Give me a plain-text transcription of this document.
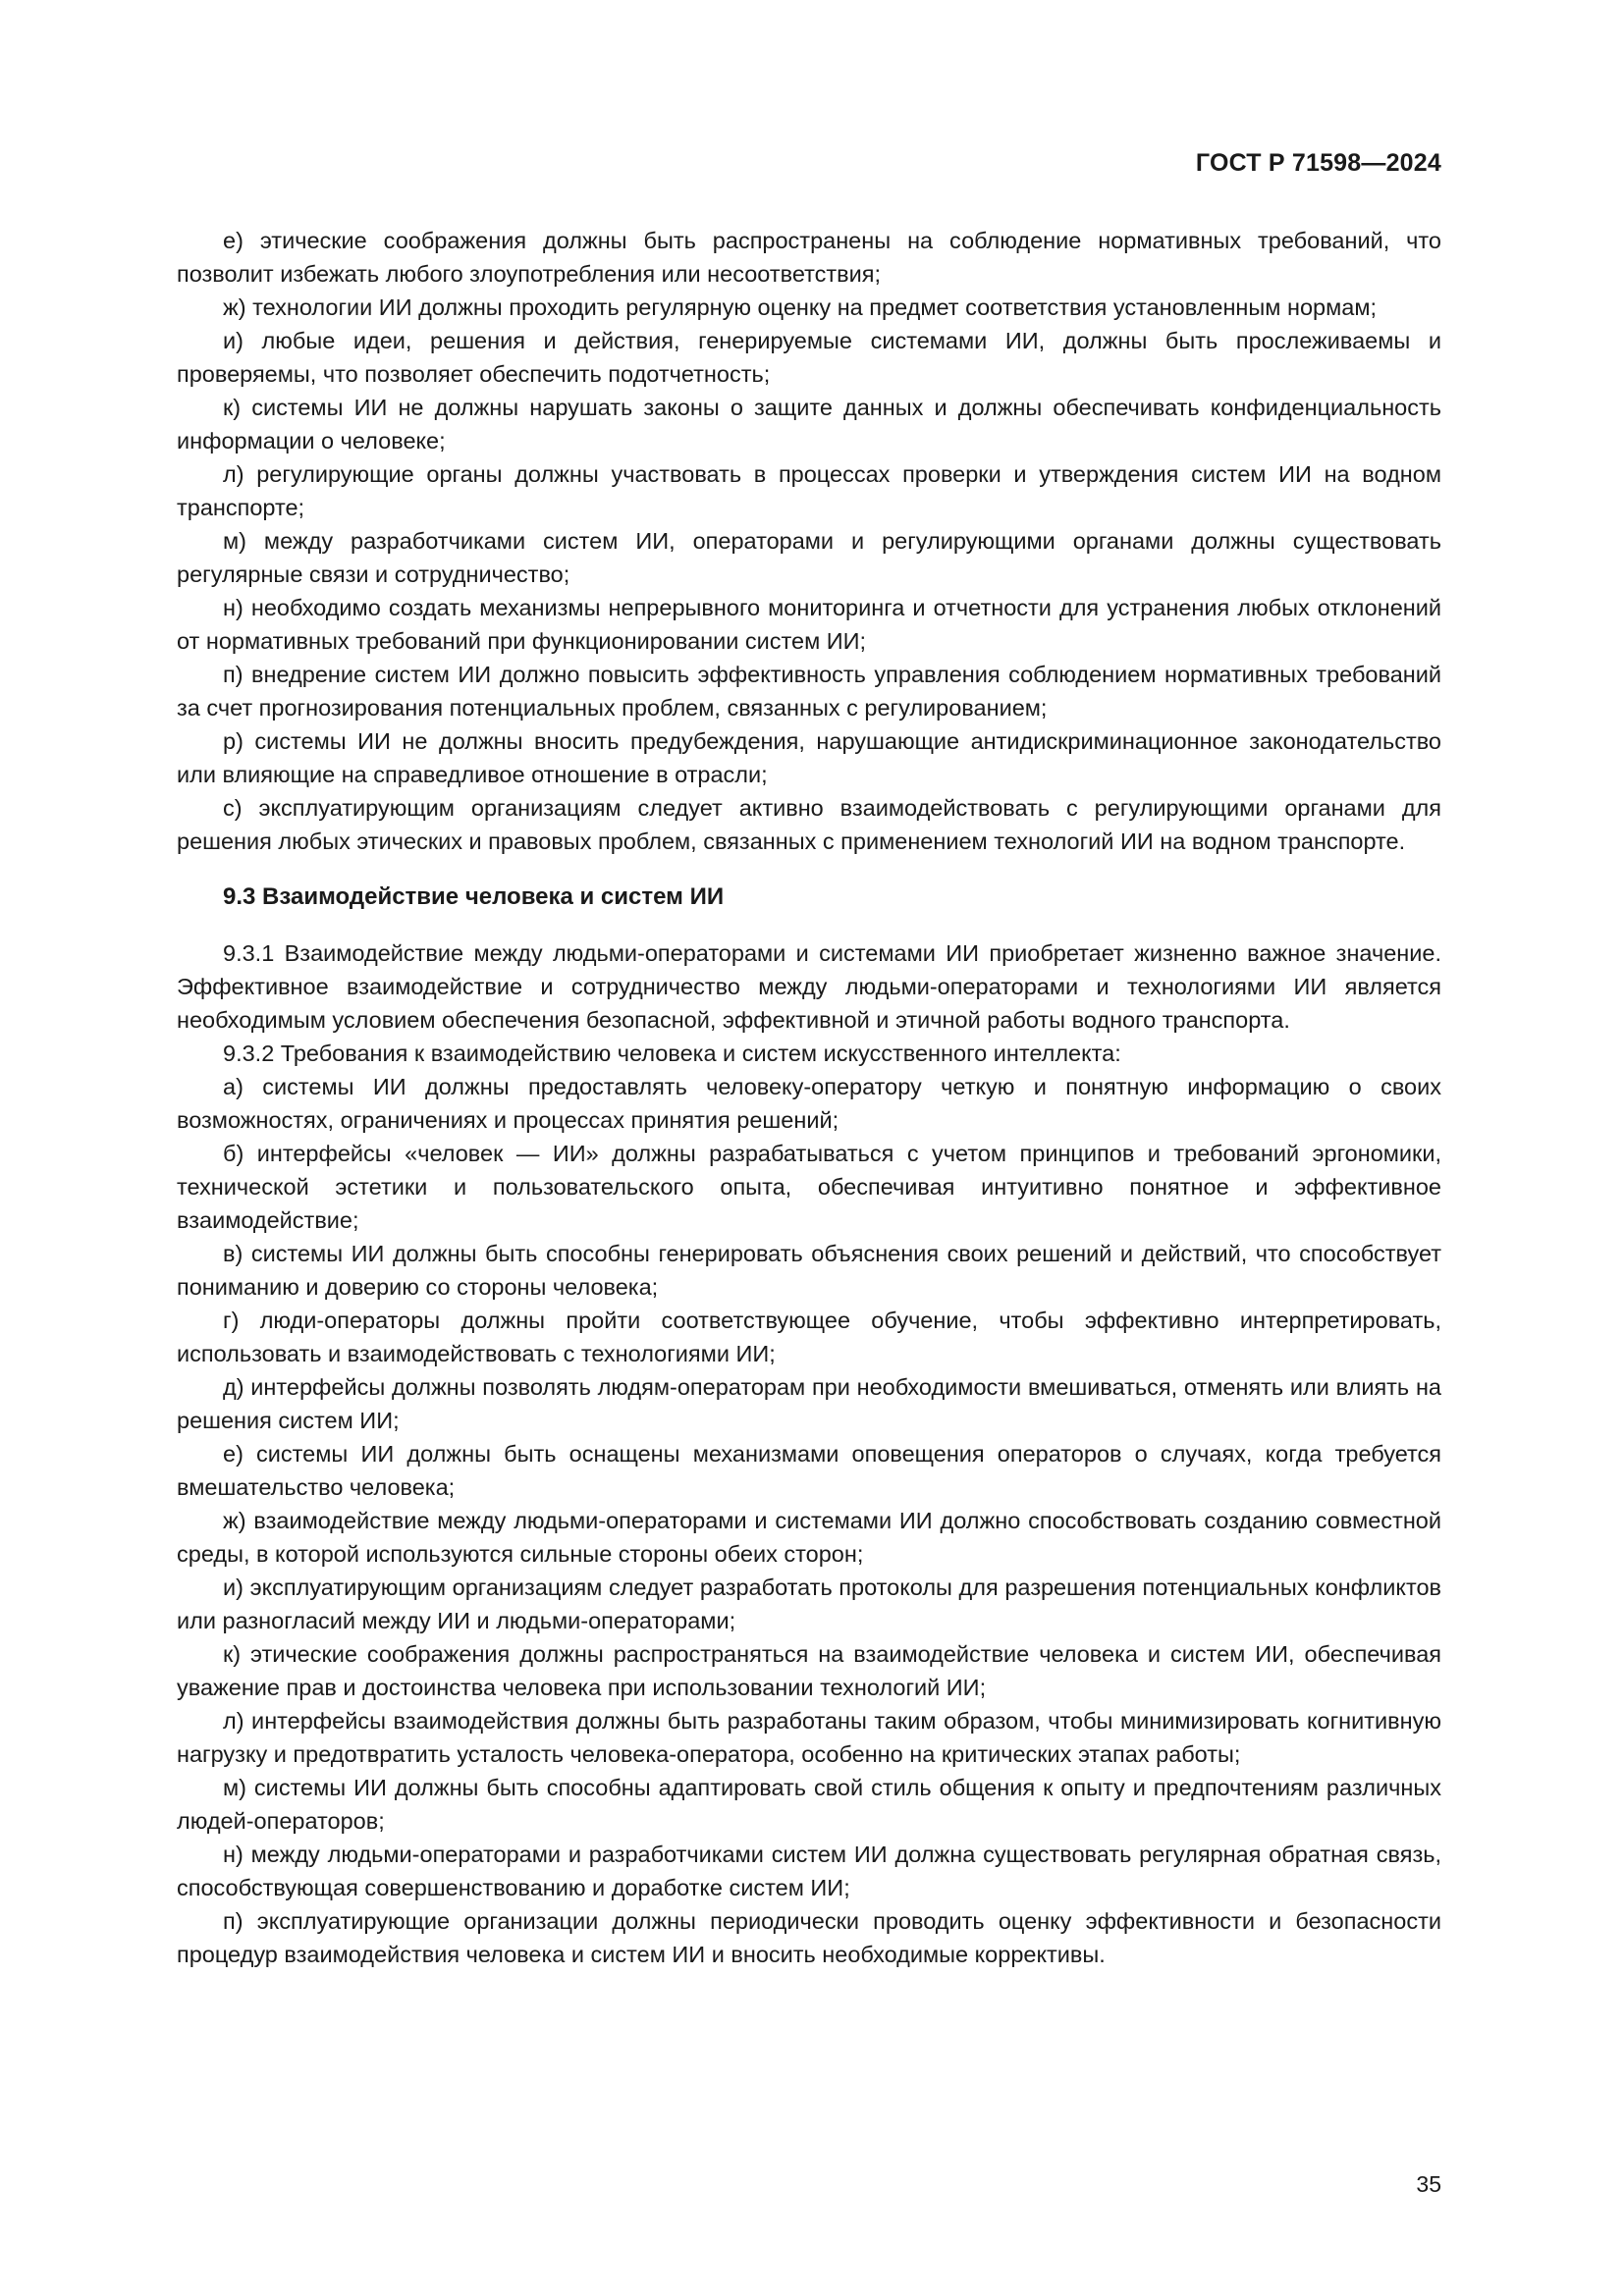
ГОСТ Р 71598—2024

е) этические соображения должны быть распространены на соблюдение нормативных требований, что позволит избежать любого злоупотребления или несоответствия;

ж) технологии ИИ должны проходить регулярную оценку на предмет соответствия установленным нормам;

и) любые идеи, решения и действия, генерируемые системами ИИ, должны быть прослеживаемы и проверяемы, что позволяет обеспечить подотчетность;

к) системы ИИ не должны нарушать законы о защите данных и должны обеспечивать конфиденциальность информации о человеке;

л) регулирующие органы должны участвовать в процессах проверки и утверждения систем ИИ на водном транспорте;

м) между разработчиками систем ИИ, операторами и регулирующими органами должны существовать регулярные связи и сотрудничество;

н) необходимо создать механизмы непрерывного мониторинга и отчетности для устранения любых отклонений от нормативных требований при функционировании систем ИИ;

п) внедрение систем ИИ должно повысить эффективность управления соблюдением нормативных требований за счет прогнозирования потенциальных проблем, связанных с регулированием;

р) системы ИИ не должны вносить предубеждения, нарушающие антидискриминационное законодательство или влияющие на справедливое отношение в отрасли;

с) эксплуатирующим организациям следует активно взаимодействовать с регулирующими органами для решения любых этических и правовых проблем, связанных с применением технологий ИИ на водном транспорте.

9.3 Взаимодействие человека и систем ИИ

9.3.1 Взаимодействие между людьми-операторами и системами ИИ приобретает жизненно важное значение. Эффективное взаимодействие и сотрудничество между людьми-операторами и технологиями ИИ является необходимым условием обеспечения безопасной, эффективной и этичной работы водного транспорта.

9.3.2 Требования к взаимодействию человека и систем искусственного интеллекта:

а) системы ИИ должны предоставлять человеку-оператору четкую и понятную информацию о своих возможностях, ограничениях и процессах принятия решений;

б) интерфейсы «человек — ИИ» должны разрабатываться с учетом принципов и требований эргономики, технической эстетики и пользовательского опыта, обеспечивая интуитивно понятное и эффективное взаимодействие;

в) системы ИИ должны быть способны генерировать объяснения своих решений и действий, что способствует пониманию и доверию со стороны человека;

г) люди-операторы должны пройти соответствующее обучение, чтобы эффективно интерпретировать, использовать и взаимодействовать с технологиями ИИ;

д) интерфейсы должны позволять людям-операторам при необходимости вмешиваться, отменять или влиять на решения систем ИИ;

е) системы ИИ должны быть оснащены механизмами оповещения операторов о случаях, когда требуется вмешательство человека;

ж) взаимодействие между людьми-операторами и системами ИИ должно способствовать созданию совместной среды, в которой используются сильные стороны обеих сторон;

и) эксплуатирующим организациям следует разработать протоколы для разрешения потенциальных конфликтов или разногласий между ИИ и людьми-операторами;

к) этические соображения должны распространяться на взаимодействие человека и систем ИИ, обеспечивая уважение прав и достоинства человека при использовании технологий ИИ;

л) интерфейсы взаимодействия должны быть разработаны таким образом, чтобы минимизировать когнитивную нагрузку и предотвратить усталость человека-оператора, особенно на критических этапах работы;

м) системы ИИ должны быть способны адаптировать свой стиль общения к опыту и предпочтениям различных людей-операторов;

н) между людьми-операторами и разработчиками систем ИИ должна существовать регулярная обратная связь, способствующая совершенствованию и доработке систем ИИ;

п) эксплуатирующие организации должны периодически проводить оценку эффективности и безопасности процедур взаимодействия человека и систем ИИ и вносить необходимые коррективы.

35
